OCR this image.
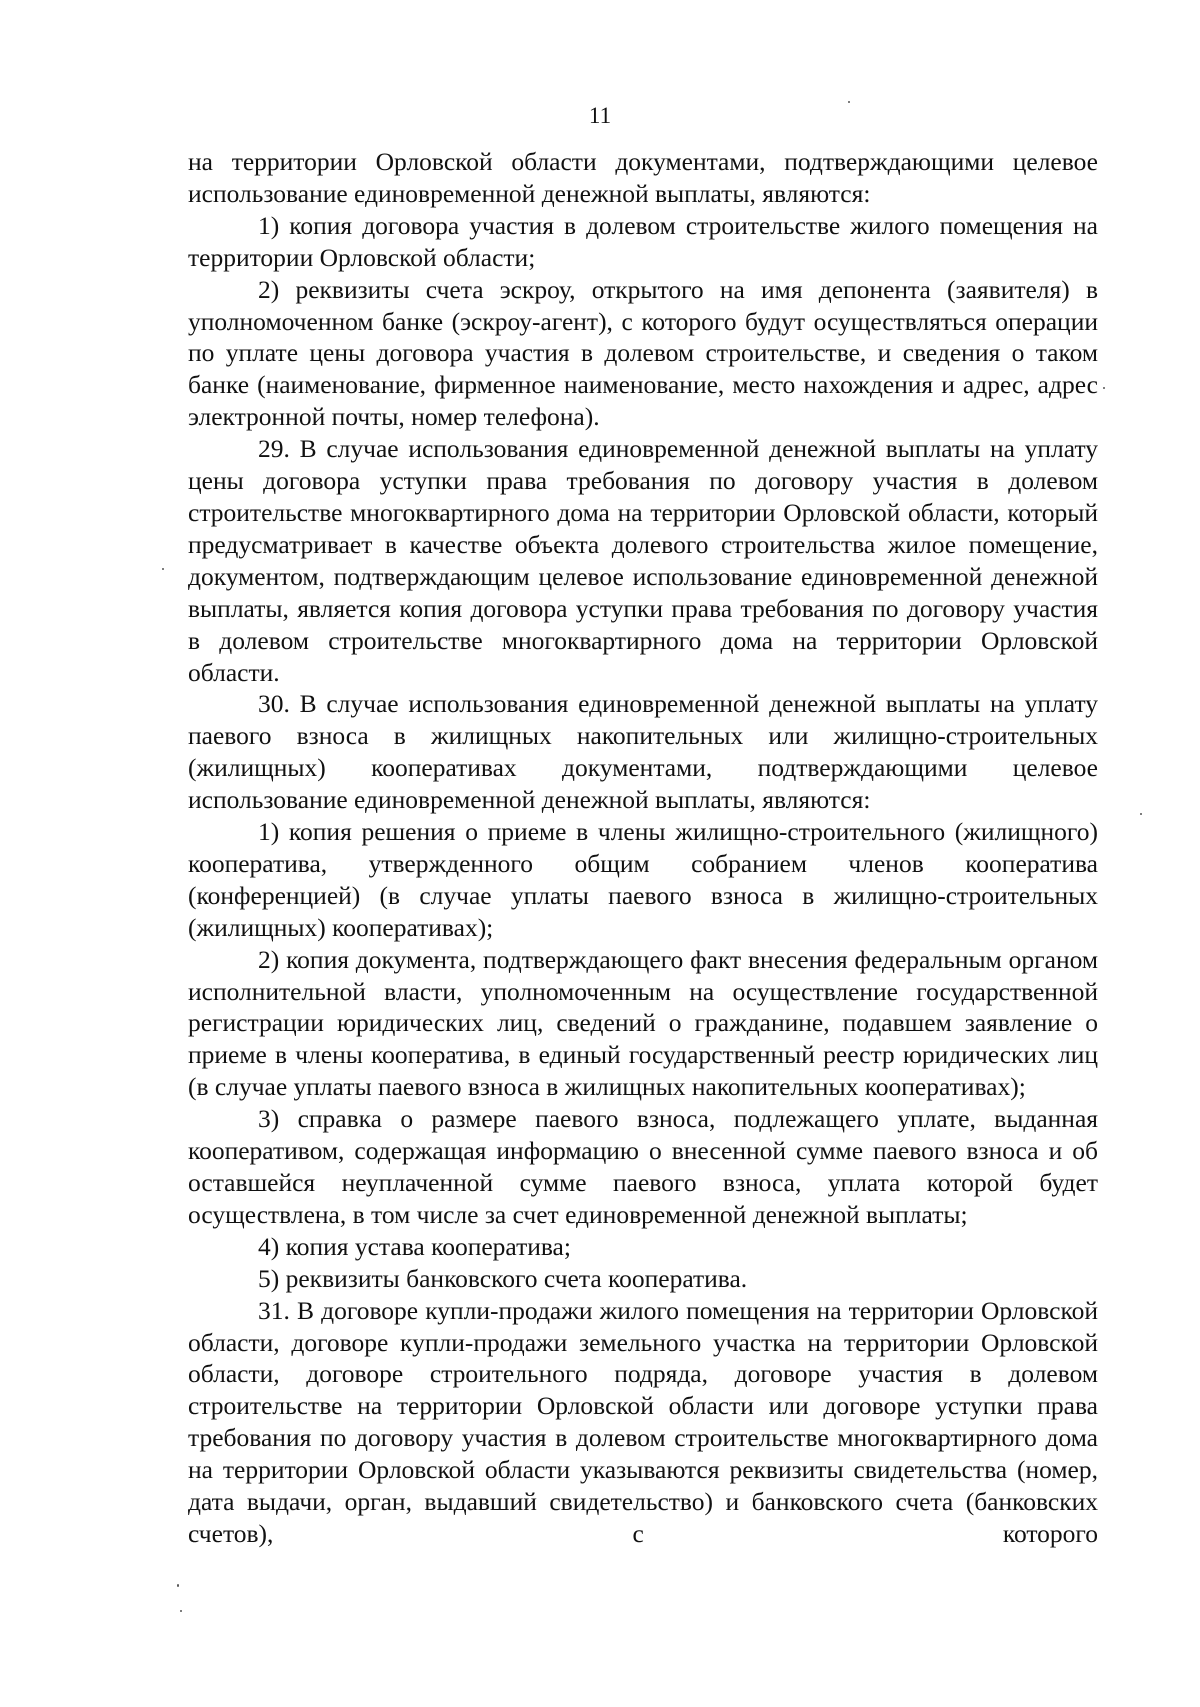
11

на территории Орловской области документами, подтверждающими целевое использование единовременной денежной выплаты, являются:

1) копия договора участия в долевом строительстве жилого помещения на территории Орловской области;

2) реквизиты счета эскроу, открытого на имя депонента (заявителя) в уполномоченном банке (эскроу-агент), с которого будут осуществляться операции по уплате цены договора участия в долевом строительстве, и сведения о таком банке (наименование, фирменное наименование, место нахождения и адрес, адрес электронной почты, номер телефона).

29. В случае использования единовременной денежной выплаты на уплату цены договора уступки права требования по договору участия в долевом строительстве многоквартирного дома на территории Орловской области, который предусматривает в качестве объекта долевого строительства жилое помещение, документом, подтверждающим целевое использование единовременной денежной выплаты, является копия договора уступки права требования по договору участия в долевом строительстве многоквартирного дома на территории Орловской области.

30. В случае использования единовременной денежной выплаты на уплату паевого взноса в жилищных накопительных или жилищно-строительных (жилищных) кооперативах документами, подтверждающими целевое использование единовременной денежной выплаты, являются:

1) копия решения о приеме в члены жилищно-строительного (жилищного) кооператива, утвержденного общим собранием членов кооператива (конференцией) (в случае уплаты паевого взноса в жилищно-строительных (жилищных) кооперативах);

2) копия документа, подтверждающего факт внесения федеральным органом исполнительной власти, уполномоченным на осуществление государственной регистрации юридических лиц, сведений о гражданине, подавшем заявление о приеме в члены кооператива, в единый государственный реестр юридических лиц (в случае уплаты паевого взноса в жилищных накопительных кооперативах);

3) справка о размере паевого взноса, подлежащего уплате, выданная кооперативом, содержащая информацию о внесенной сумме паевого взноса и об оставшейся неуплаченной сумме паевого взноса, уплата которой будет осуществлена, в том числе за счет единовременной денежной выплаты;

4) копия устава кооператива;

5) реквизиты банковского счета кооператива.

31. В договоре купли-продажи жилого помещения на территории Орловской области, договоре купли-продажи земельного участка на территории Орловской области, договоре строительного подряда, договоре участия в долевом строительстве на территории Орловской области или договоре уступки права требования по договору участия в долевом строительстве многоквартирного дома на территории Орловской области указываются реквизиты свидетельства (номер, дата выдачи, орган, выдавший свидетельство) и банковского счета (банковских счетов), с которого
